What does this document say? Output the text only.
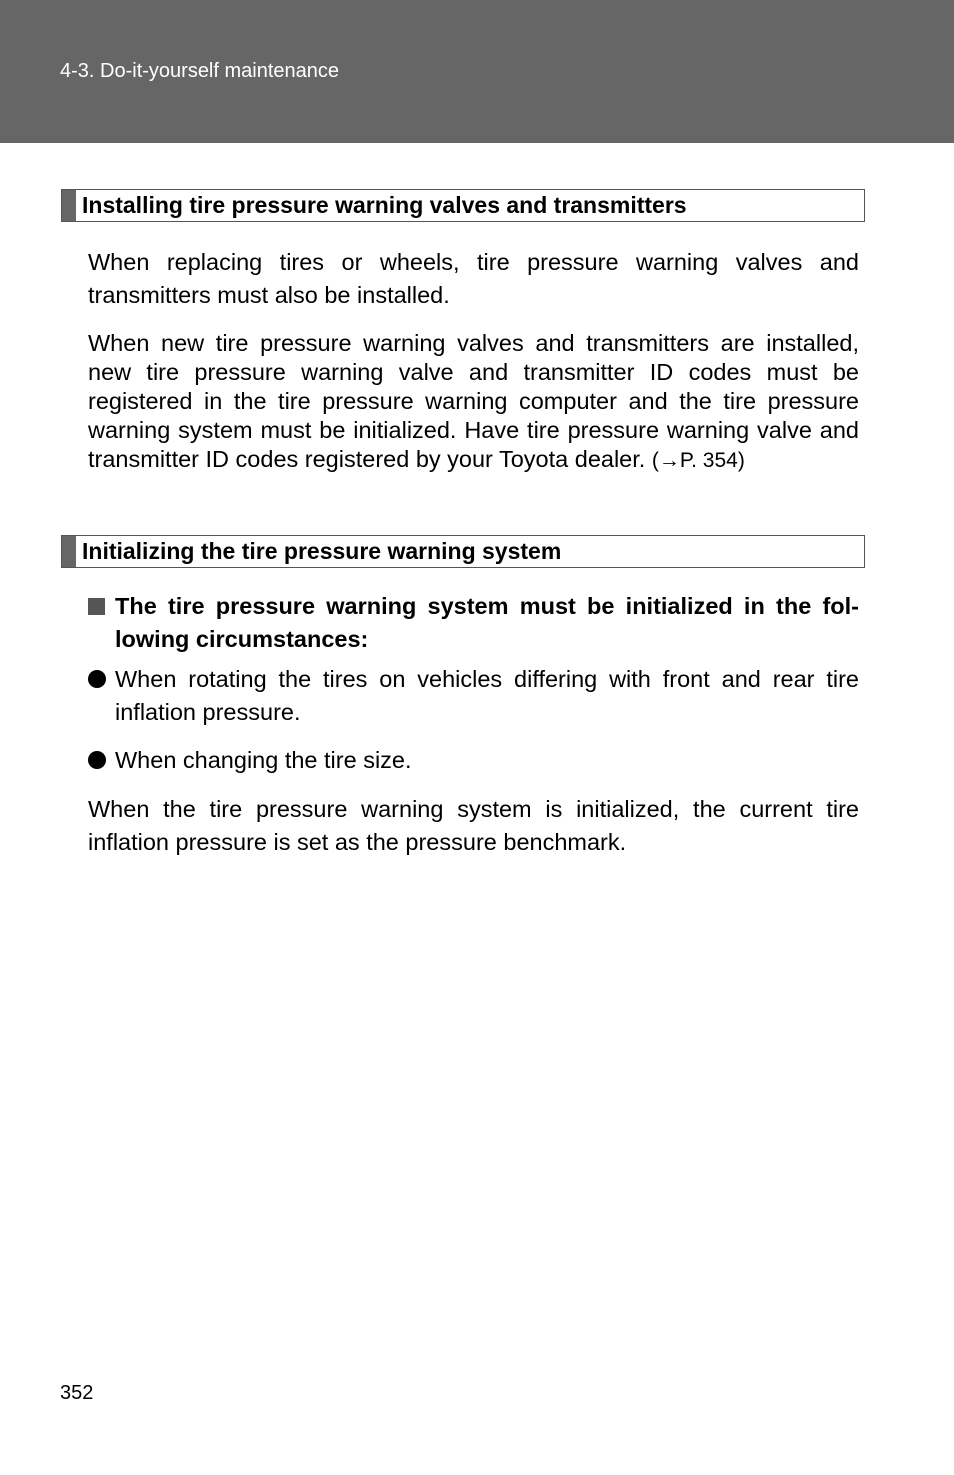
4-3. Do-it-yourself maintenance
Installing tire pressure warning valves and transmitters

When replacing tires or wheels, tire pressure warning valves and transmitters must also be installed.

When new tire pressure warning valves and transmitters are installed, new tire pressure warning valve and transmitter ID codes must be registered in the tire pressure warning computer and the tire pressure warning system must be initialized. Have tire pressure warning valve and transmitter ID codes registered by your Toyota dealer. (→P. 354)

Initializing the tire pressure warning system
The tire pressure warning system must be initialized in the fol-lowing circumstances:
When rotating the tires on vehicles differing with front and rear tire inflation pressure.
When changing the tire size.

When the tire pressure warning system is initialized, the current tire inflation pressure is set as the pressure benchmark.

352
